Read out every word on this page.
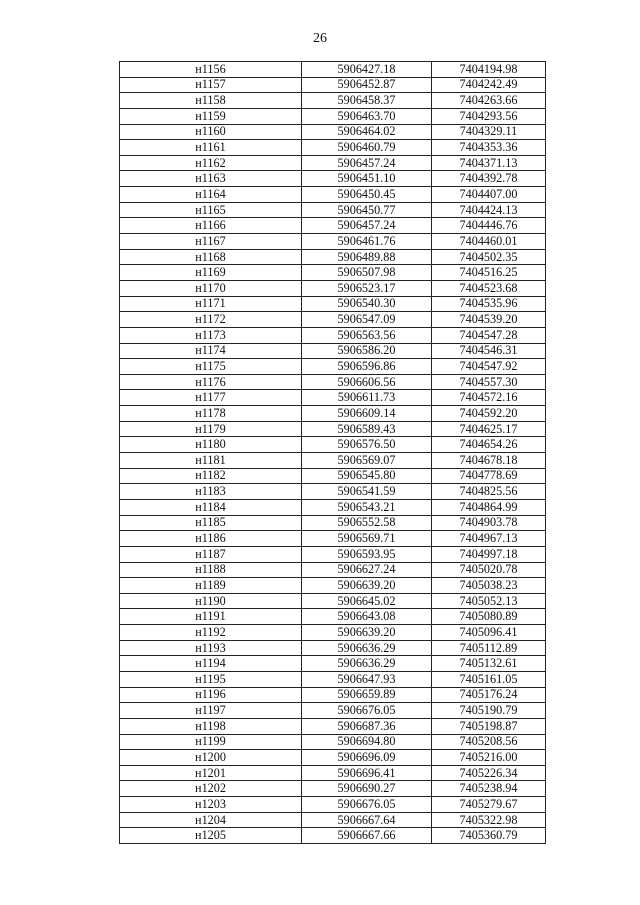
26
н1156	5906427.18	7404194.98
н1157	5906452.87	7404242.49
н1158	5906458.37	7404263.66
н1159	5906463.70	7404293.56
н1160	5906464.02	7404329.11
н1161	5906460.79	7404353.36
н1162	5906457.24	7404371.13
н1163	5906451.10	7404392.78
н1164	5906450.45	7404407.00
н1165	5906450.77	7404424.13
н1166	5906457.24	7404446.76
н1167	5906461.76	7404460.01
н1168	5906489.88	7404502.35
н1169	5906507.98	7404516.25
н1170	5906523.17	7404523.68
н1171	5906540.30	7404535.96
н1172	5906547.09	7404539.20
н1173	5906563.56	7404547.28
н1174	5906586.20	7404546.31
н1175	5906596.86	7404547.92
н1176	5906606.56	7404557.30
н1177	5906611.73	7404572.16
н1178	5906609.14	7404592.20
н1179	5906589.43	7404625.17
н1180	5906576.50	7404654.26
н1181	5906569.07	7404678.18
н1182	5906545.80	7404778.69
н1183	5906541.59	7404825.56
н1184	5906543.21	7404864.99
н1185	5906552.58	7404903.78
н1186	5906569.71	7404967.13
н1187	5906593.95	7404997.18
н1188	5906627.24	7405020.78
н1189	5906639.20	7405038.23
н1190	5906645.02	7405052.13
н1191	5906643.08	7405080.89
н1192	5906639.20	7405096.41
н1193	5906636.29	7405112.89
н1194	5906636.29	7405132.61
н1195	5906647.93	7405161.05
н1196	5906659.89	7405176.24
н1197	5906676.05	7405190.79
н1198	5906687.36	7405198.87
н1199	5906694.80	7405208.56
н1200	5906696.09	7405216.00
н1201	5906696.41	7405226.34
н1202	5906690.27	7405238.94
н1203	5906676.05	7405279.67
н1204	5906667.64	7405322.98
н1205	5906667.66	7405360.79
